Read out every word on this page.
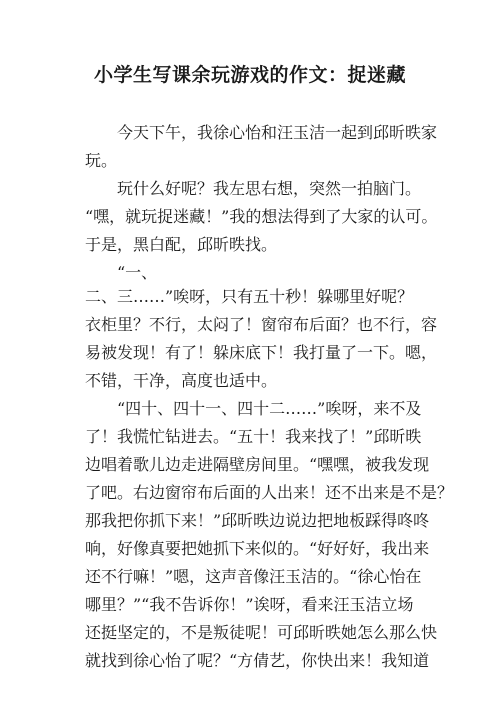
小学生写课余玩游戏的作文：捉迷藏
　　今天下午，我徐心怡和汪玉洁一起到邱昕昳家
玩。
　　玩什么好呢？我左思右想，突然一拍脑门。
“嘿，就玩捉迷藏！”我的想法得到了大家的认可。
于是，黑白配，邱昕昳找。
　　“一、
二、三……”唉呀，只有五十秒！躲哪里好呢？
衣柜里？不行，太闷了！窗帘布后面？也不行，容
易被发现！有了！躲床底下！我打量了一下。嗯，
不错，干净，高度也适中。
　　“四十、四十一、四十二……”唉呀，来不及
了！我慌忙钻进去。“五十！我来找了！”邱昕昳
边唱着歌儿边走进隔壁房间里。“嘿嘿，被我发现
了吧。右边窗帘布后面的人出来！还不出来是不是？
那我把你抓下来！”邱昕昳边说边把地板踩得咚咚
响，好像真要把她抓下来似的。“好好好，我出来
还不行嘛！”嗯，这声音像汪玉洁的。“徐心怡在
哪里？”“我不告诉你！”诶呀，看来汪玉洁立场
还挺坚定的，不是叛徒呢！可邱昕昳她怎么那么快
就找到徐心怡了呢？“方倩艺，你快出来！我知道
